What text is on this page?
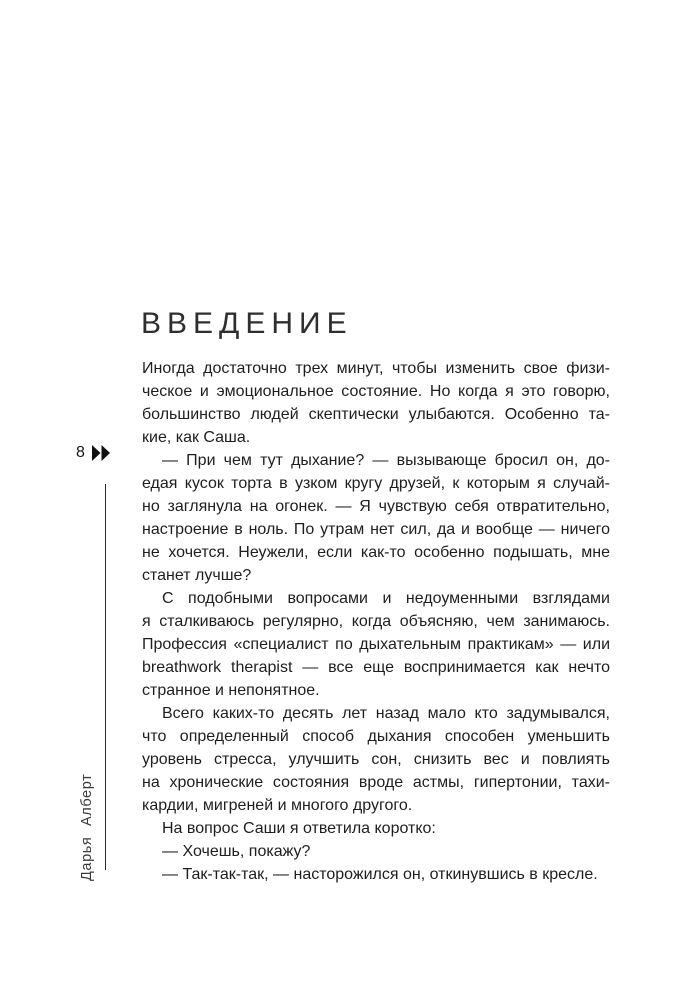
8
Дарья Алберт
ВВЕДЕНИЕ
Иногда достаточно трех минут, чтобы изменить свое физи-
ческое и эмоциональное состояние. Но когда я это говорю,
большинство людей скептически улыбаются. Особенно та-
кие, как Саша.
— При чем тут дыхание? — вызывающе бросил он, до-
едая кусок торта в узком кругу друзей, к которым я случай-
но заглянула на огонек. — Я чувствую себя отвратительно,
настроение в ноль. По утрам нет сил, да и вообще — ничего
не хочется. Неужели, если как-то особенно подышать, мне
станет лучше?
С подобными вопросами и недоуменными взглядами
я сталкиваюсь регулярно, когда объясняю, чем занимаюсь.
Профессия «специалист по дыхательным практикам» — или
breathwork therapist — все еще воспринимается как нечто
странное и непонятное.
Всего каких-то десять лет назад мало кто задумывался,
что определенный способ дыхания способен уменьшить
уровень стресса, улучшить сон, снизить вес и повлиять
на хронические состояния вроде астмы, гипертонии, тахи-
кардии, мигреней и многого другого.
На вопрос Саши я ответила коротко:
— Хочешь, покажу?
— Так-так-так, — насторожился он, откинувшись в кресле.
